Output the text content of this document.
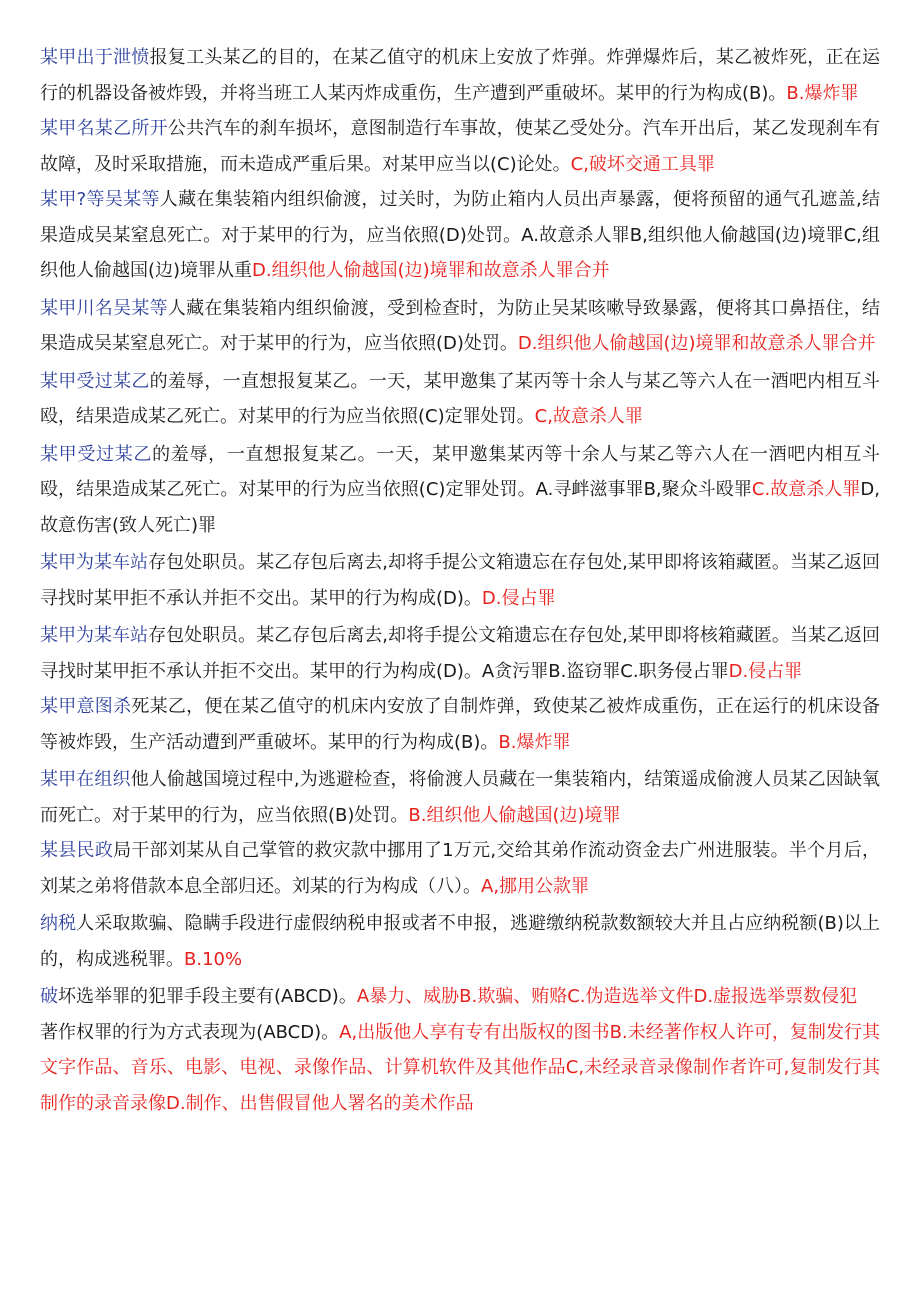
某甲出于泄愤报复工头某乙的目的，在某乙值守的机床上安放了炸弹。炸弹爆炸后，某乙被炸死，正在运行的机器设备被炸毁，并将当班工人某丙炸成重伤，生产遭到严重破坏。某甲的行为构成(B)。B.爆炸罪

某甲名某乙所开公共汽车的刹车损坏，意图制造行车事故，使某乙受处分。汽车开出后，某乙发现刹车有故障，及时采取措施，而未造成严重后果。对某甲应当以(C)论处。C,破坏交通工具罪

某甲?等吴某等人藏在集装箱内组织偷渡，过关时，为防止箱内人员出声暴露，便将预留的通气孔遮盖,结果造成吴某窒息死亡。对于某甲的行为，应当依照(D)处罚。A.故意杀人罪B,组织他人偷越国(边)境罪C,组织他人偷越国(边)境罪从重D.组织他人偷越国(边)境罪和故意杀人罪合并

某甲川名吴某等人藏在集装箱内组织偷渡，受到检查时，为防止吴某咳嗽导致暴露，便将其口鼻捂住，结果造成吴某窒息死亡。对于某甲的行为，应当依照(D)处罚。D.组织他人偷越国(边)境罪和故意杀人罪合并

某甲受过某乙的羞辱，一直想报复某乙。一天，某甲邀集了某丙等十余人与某乙等六人在一酒吧内相互斗殴，结果造成某乙死亡。对某甲的行为应当依照(C)定罪处罚。C,故意杀人罪

某甲受过某乙的羞辱，一直想报复某乙。一天，某甲邀集某丙等十余人与某乙等六人在一酒吧内相互斗殴，结果造成某乙死亡。对某甲的行为应当依照(C)定罪处罚。A.寻衅滋事罪B,聚众斗殴罪C.故意杀人罪D,故意伤害(致人死亡)罪

某甲为某车站存包处职员。某乙存包后离去,却将手提公文箱遗忘在存包处,某甲即将该箱藏匿。当某乙返回寻找时某甲拒不承认并拒不交出。某甲的行为构成(D)。D.侵占罪

某甲为某车站存包处职员。某乙存包后离去,却将手提公文箱遗忘在存包处,某甲即将核箱藏匿。当某乙返回寻找时某甲拒不承认并拒不交出。某甲的行为构成(D)。A贪污罪B.盗窃罪C.职务侵占罪D.侵占罪

某甲意图杀死某乙，便在某乙值守的机床内安放了自制炸弹，致使某乙被炸成重伤，正在运行的机床设备等被炸毁，生产活动遭到严重破坏。某甲的行为构成(B)。B.爆炸罪

某甲在组织他人偷越国境过程中,为逃避检查，将偷渡人员藏在一集装箱内，结策遥成偷渡人员某乙因缺氧而死亡。对于某甲的行为，应当依照(B)处罚。B.组织他人偷越国(边)境罪

某县民政局干部刘某从自己掌管的救灾款中挪用了1万元,交给其弟作流动资金去广州进服装。半个月后，刘某之弟将借款本息全部归还。刘某的行为构成（八）。A,挪用公款罪

纳税人采取欺骗、隐瞒手段进行虚假纳税申报或者不申报，逃避缴纳税款数额较大并且占应纳税额(B)以上的，构成逃税罪。B.10%

破坏选举罪的犯罪手段主要有(ABCD)。A暴力、威胁B.欺骗、贿赂C.伪造选举文件D.虚报选举票数侵犯

著作权罪的行为方式表现为(ABCD)。A,出版他人享有专有出版权的图书B.未经著作权人许可，复制发行其文字作品、音乐、电影、电视、录像作品、计算机软件及其他作品C,未经录音录像制作者许可,复制发行其制作的录音录像D.制作、出售假冒他人署名的美术作品
